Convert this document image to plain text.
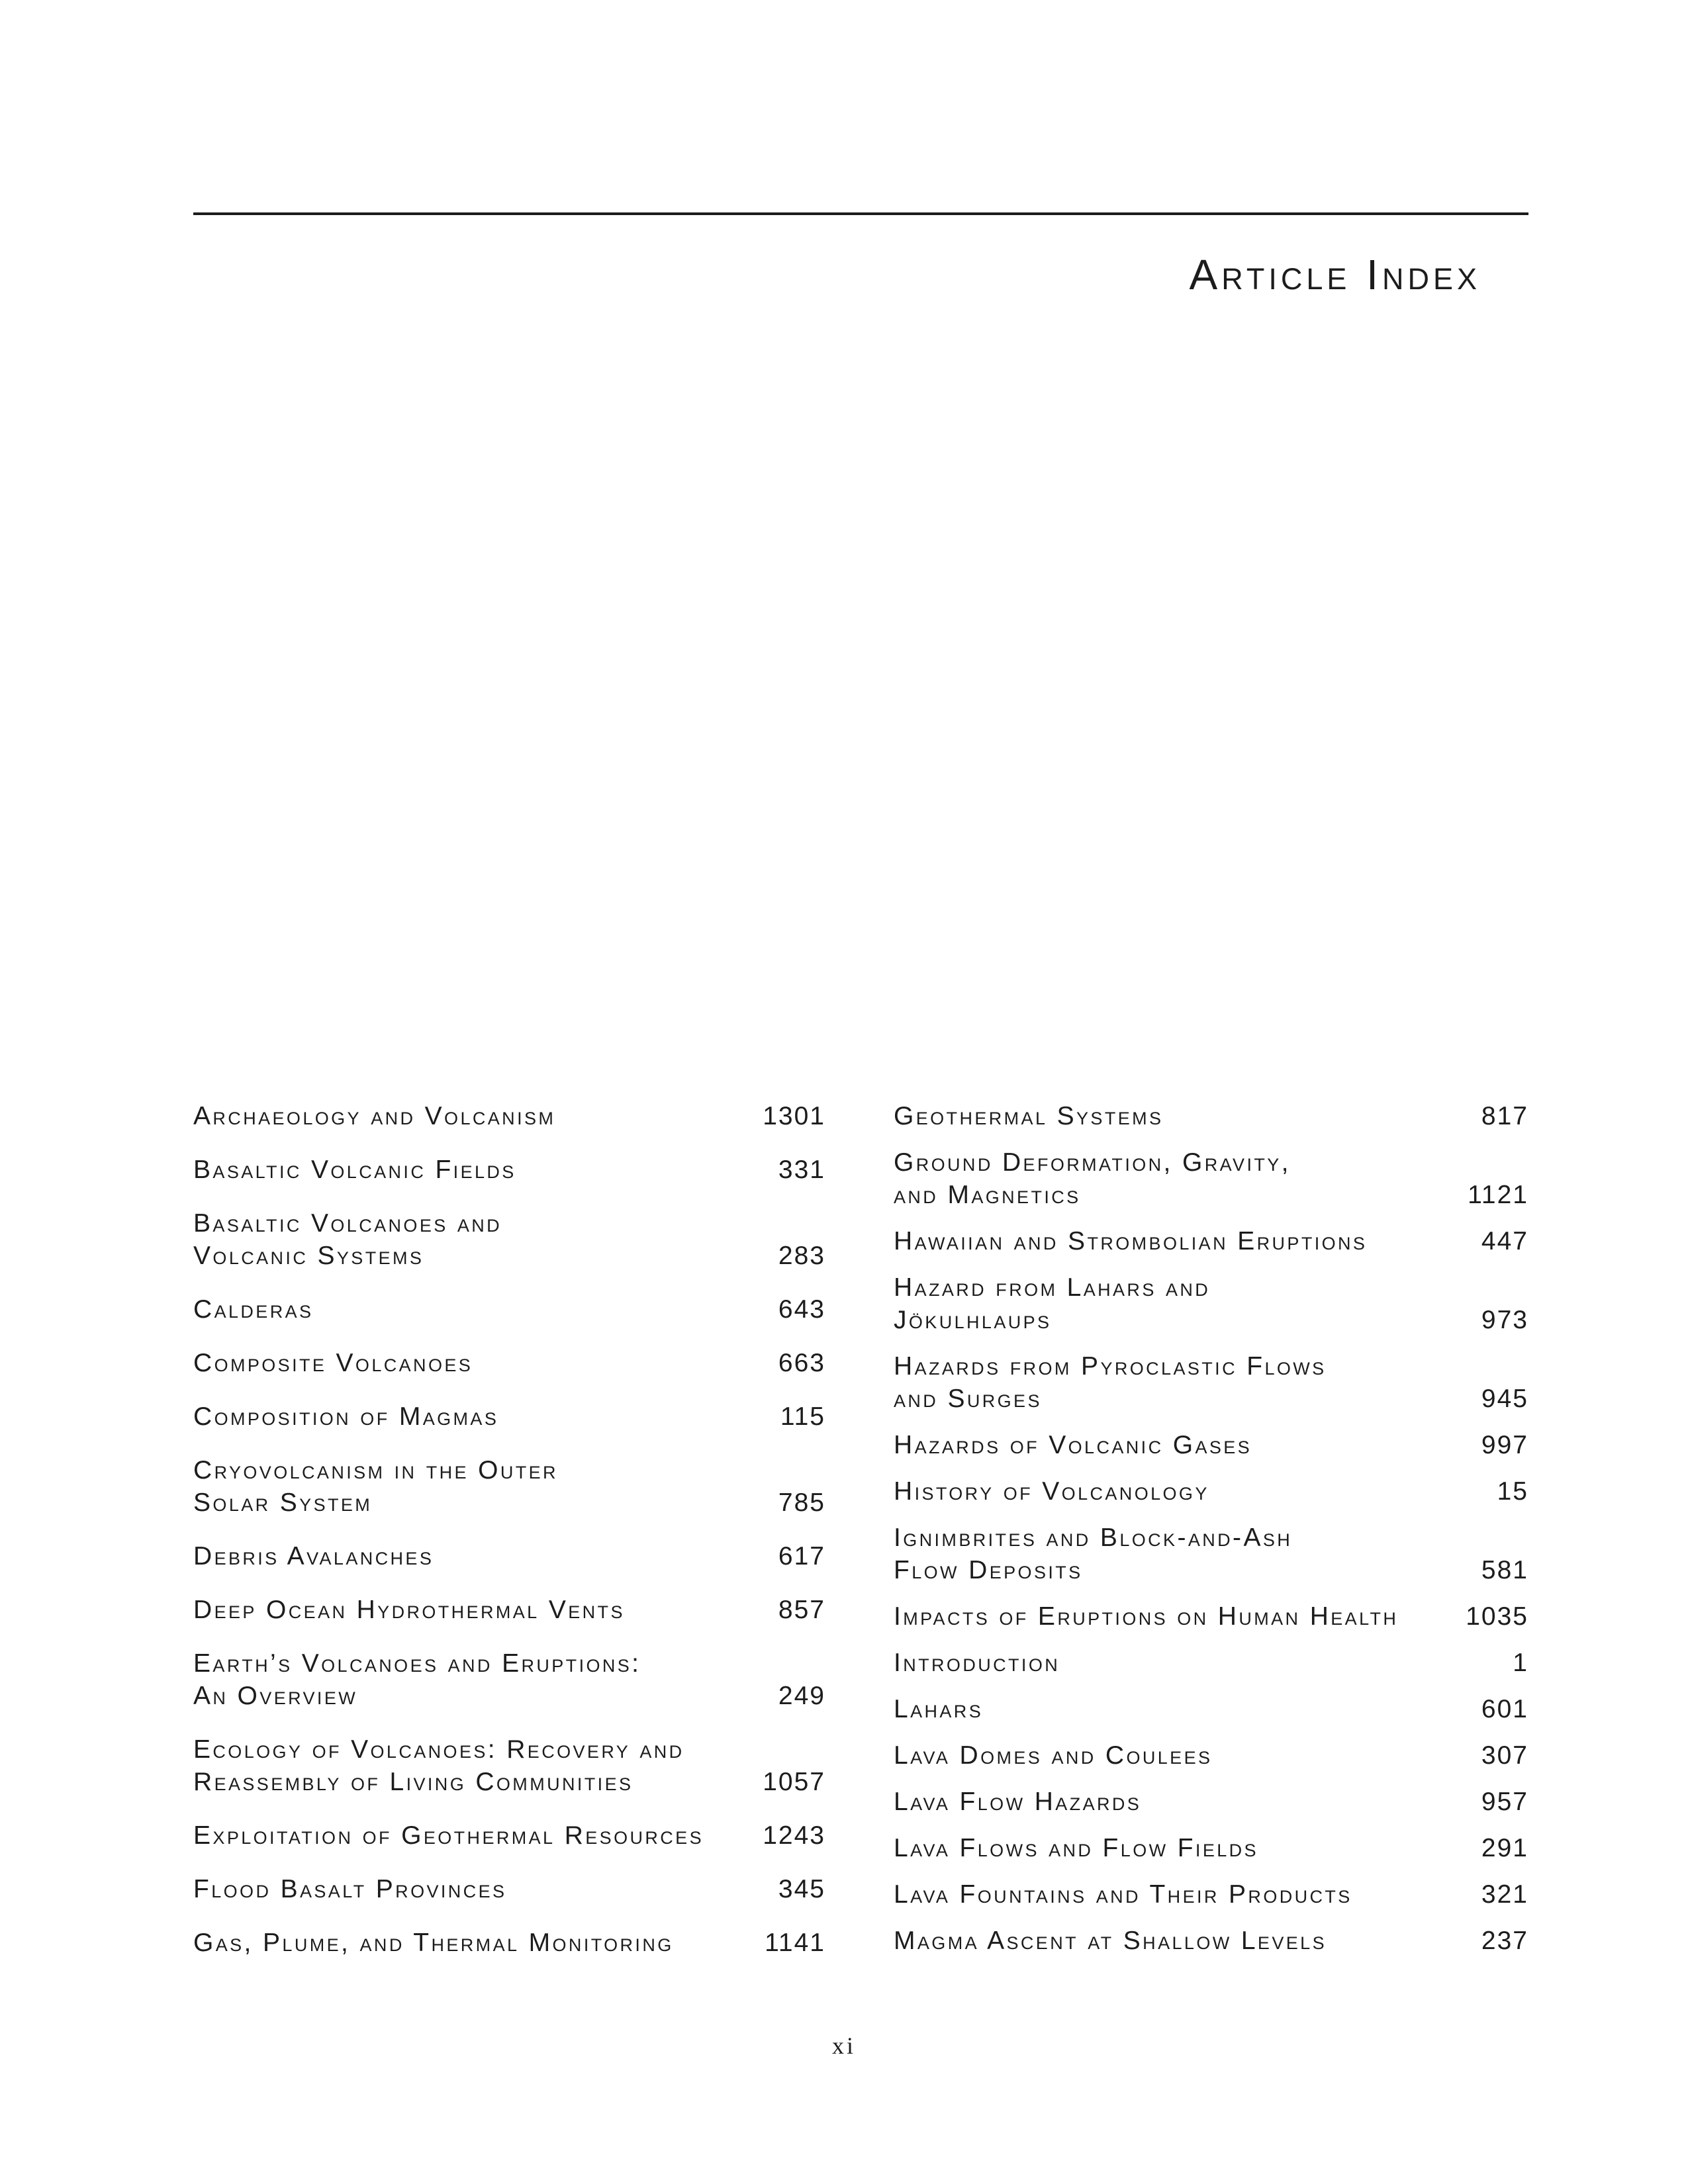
Article Index
Archaeology and Volcanism	1301
Basaltic Volcanic Fields	331
Basaltic Volcanoes and
Volcanic Systems	283
Calderas	643
Composite Volcanoes	663
Composition of Magmas	115
Cryovolcanism in the Outer
Solar System	785
Debris Avalanches	617
Deep Ocean Hydrothermal Vents	857
Earth’s Volcanoes and Eruptions:
An Overview	249
Ecology of Volcanoes: Recovery and
Reassembly of Living Communities	1057
Exploitation of Geothermal Resources	1243
Flood Basalt Provinces	345
Gas, Plume, and Thermal Monitoring	1141
Geothermal Systems	817
Ground Deformation, Gravity,
and Magnetics	1121
Hawaiian and Strombolian Eruptions	447
Hazard from Lahars and
Jökulhlaups	973
Hazards from Pyroclastic Flows
and Surges	945
Hazards of Volcanic Gases	997
History of Volcanology	15
Ignimbrites and Block-and-Ash
Flow Deposits	581
Impacts of Eruptions on Human Health	1035
Introduction	1
Lahars	601
Lava Domes and Coulees	307
Lava Flow Hazards	957
Lava Flows and Flow Fields	291
Lava Fountains and Their Products	321
Magma Ascent at Shallow Levels	237
xi
